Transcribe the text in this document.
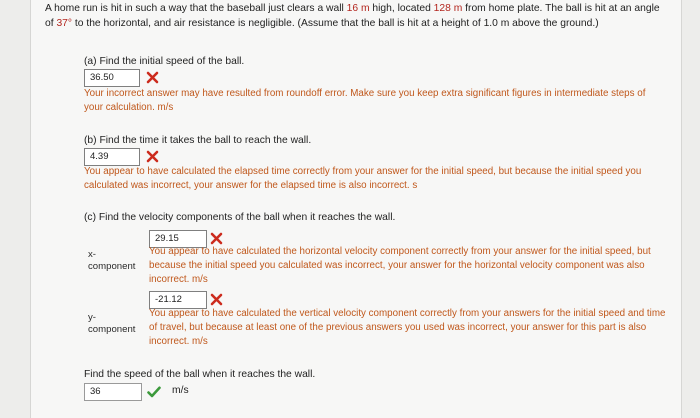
A home run is hit in such a way that the baseball just clears a wall 16 m high, located 128 m from home plate. The ball is hit at an angle of 37° to the horizontal, and air resistance is negligible. (Assume that the ball is hit at a height of 1.0 m above the ground.)
(a) Find the initial speed of the ball.
36.50
Your incorrect answer may have resulted from roundoff error. Make sure you keep extra significant figures in intermediate steps of your calculation. m/s
(b) Find the time it takes the ball to reach the wall.
4.39
You appear to have calculated the elapsed time correctly from your answer for the initial speed, but because the initial speed you calculated was incorrect, your answer for the elapsed time is also incorrect. s
(c) Find the velocity components of the ball when it reaches the wall.
29.15
x-
component
You appear to have calculated the horizontal velocity component correctly from your answer for the initial speed, but because the initial speed you calculated was incorrect, your answer for the horizontal velocity component was also incorrect. m/s
-21.12
y-
component
You appear to have calculated the vertical velocity component correctly from your answers for the initial speed and time of travel, but because at least one of the previous answers you used was incorrect, your answer for this part is also incorrect. m/s
Find the speed of the ball when it reaches the wall.
36	m/s
